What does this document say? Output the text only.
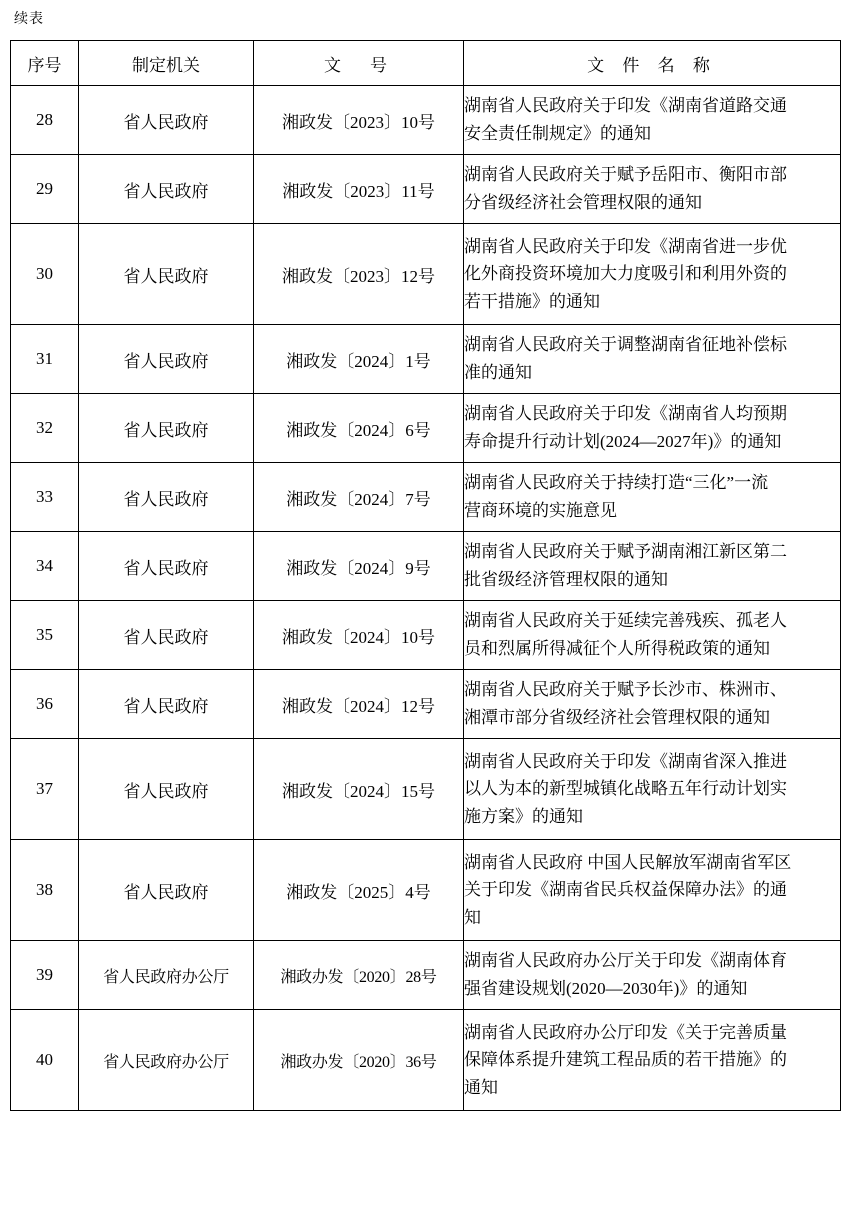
续表
序号	制定机关	文　号	文 件 名 称
28	省人民政府	湘政发〔2023〕10号	湖南省人民政府关于印发《湖南省道路交通
安全责任制规定》的通知

29	省人民政府	湘政发〔2023〕11号	湖南省人民政府关于赋予岳阳市、衡阳市部
分省级经济社会管理权限的通知

30	省人民政府	湘政发〔2023〕12号	湖南省人民政府关于印发《湖南省进一步优
化外商投资环境加大力度吸引和利用外资的
若干措施》的通知

31	省人民政府	湘政发〔2024〕1号	湖南省人民政府关于调整湖南省征地补偿标
准的通知

32	省人民政府	湘政发〔2024〕6号	湖南省人民政府关于印发《湖南省人均预期
寿命提升行动计划(2024—2027年)》的通知

33	省人民政府	湘政发〔2024〕7号	湖南省人民政府关于持续打造“三化”一流
营商环境的实施意见

34	省人民政府	湘政发〔2024〕9号	湖南省人民政府关于赋予湖南湘江新区第二
批省级经济管理权限的通知

35	省人民政府	湘政发〔2024〕10号	湖南省人民政府关于延续完善残疾、孤老人
员和烈属所得减征个人所得税政策的通知

36	省人民政府	湘政发〔2024〕12号	湖南省人民政府关于赋予长沙市、株洲市、
湘潭市部分省级经济社会管理权限的通知

37	省人民政府	湘政发〔2024〕15号	湖南省人民政府关于印发《湖南省深入推进
以人为本的新型城镇化战略五年行动计划实
施方案》的通知

38	省人民政府	湘政发〔2025〕4号	湖南省人民政府 中国人民解放军湖南省军区
关于印发《湖南省民兵权益保障办法》的通
知

39	省人民政府办公厅	湘政办发〔2020〕28号	湖南省人民政府办公厅关于印发《湖南体育
强省建设规划(2020—2030年)》的通知

40	省人民政府办公厅	湘政办发〔2020〕36号	湖南省人民政府办公厅印发《关于完善质量
保障体系提升建筑工程品质的若干措施》的
通知
